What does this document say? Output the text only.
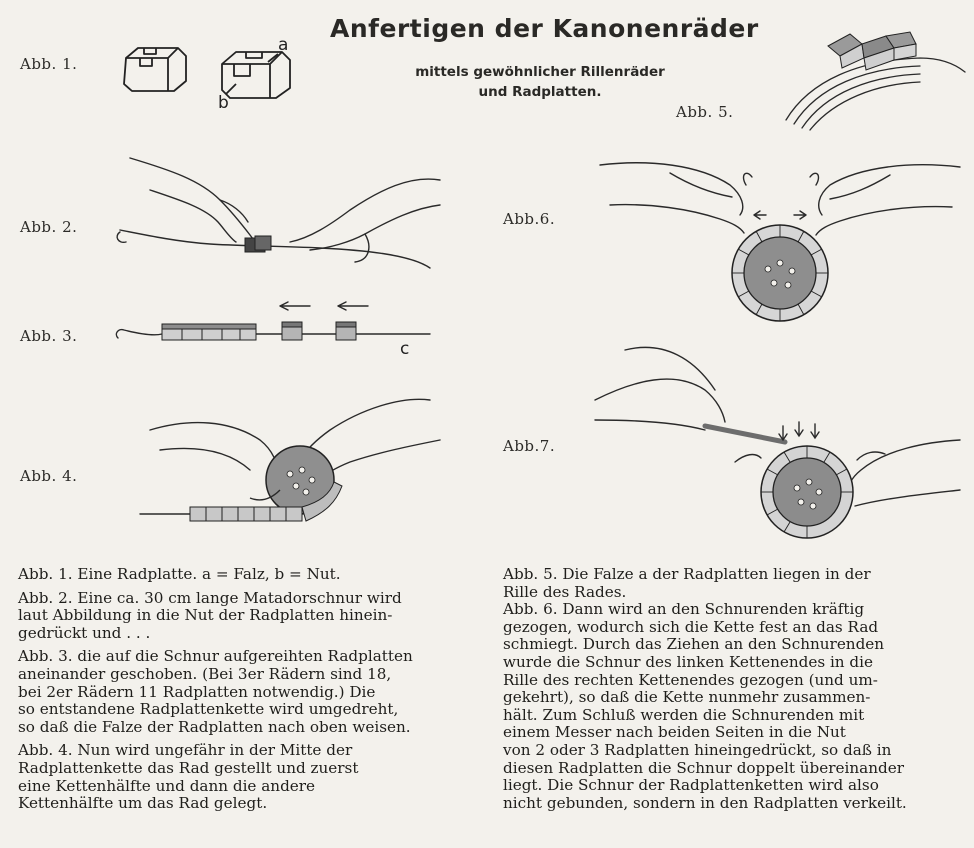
Anfertigen der Kanonenräder
mittels gewöhnlicher Rillenräder
und Radplatten.
Abb. 1.
Abb. 2.
Abb. 3.
Abb. 4.
Abb. 5.
Abb.6.
Abb.7.
a
b
c

Abb. 1. Eine Radplatte. a = Falz, b = Nut.

Abb. 2. Eine ca. 30 cm lange Matadorschnur wird
laut Abbildung in die Nut der Radplatten hinein-
gedrückt und . . .

Abb. 3. die auf die Schnur aufgereihten Radplatten
aneinander geschoben. (Bei 3er Rädern sind 18,
bei 2er Rädern 11 Radplatten notwendig.) Die
so entstandene Radplattenkette wird umgedreht,
so daß die Falze der Radplatten nach oben weisen.

Abb. 4. Nun wird ungefähr in der Mitte der
Radplattenkette das Rad gestellt und zuerst
eine Kettenhälfte und dann die andere
Kettenhälfte um das Rad gelegt.

Abb. 5. Die Falze a der Radplatten liegen in der
Rille des Rades.

Abb. 6. Dann wird an den Schnurenden kräftig
gezogen, wodurch sich die Kette fest an das Rad
schmiegt. Durch das Ziehen an den Schnurenden
wurde die Schnur des linken Kettenendes in die
Rille des rechten Kettenendes gezogen (und um-
gekehrt), so daß die Kette nunmehr zusammen-
hält. Zum Schluß werden die Schnurenden mit
einem Messer nach beiden Seiten in die Nut
von 2 oder 3 Radplatten hineingedrückt, so daß in
diesen Radplatten die Schnur doppelt übereinander
liegt. Die Schnur der Radplattenketten wird also
nicht gebunden, sondern in den Radplatten verkeilt.
